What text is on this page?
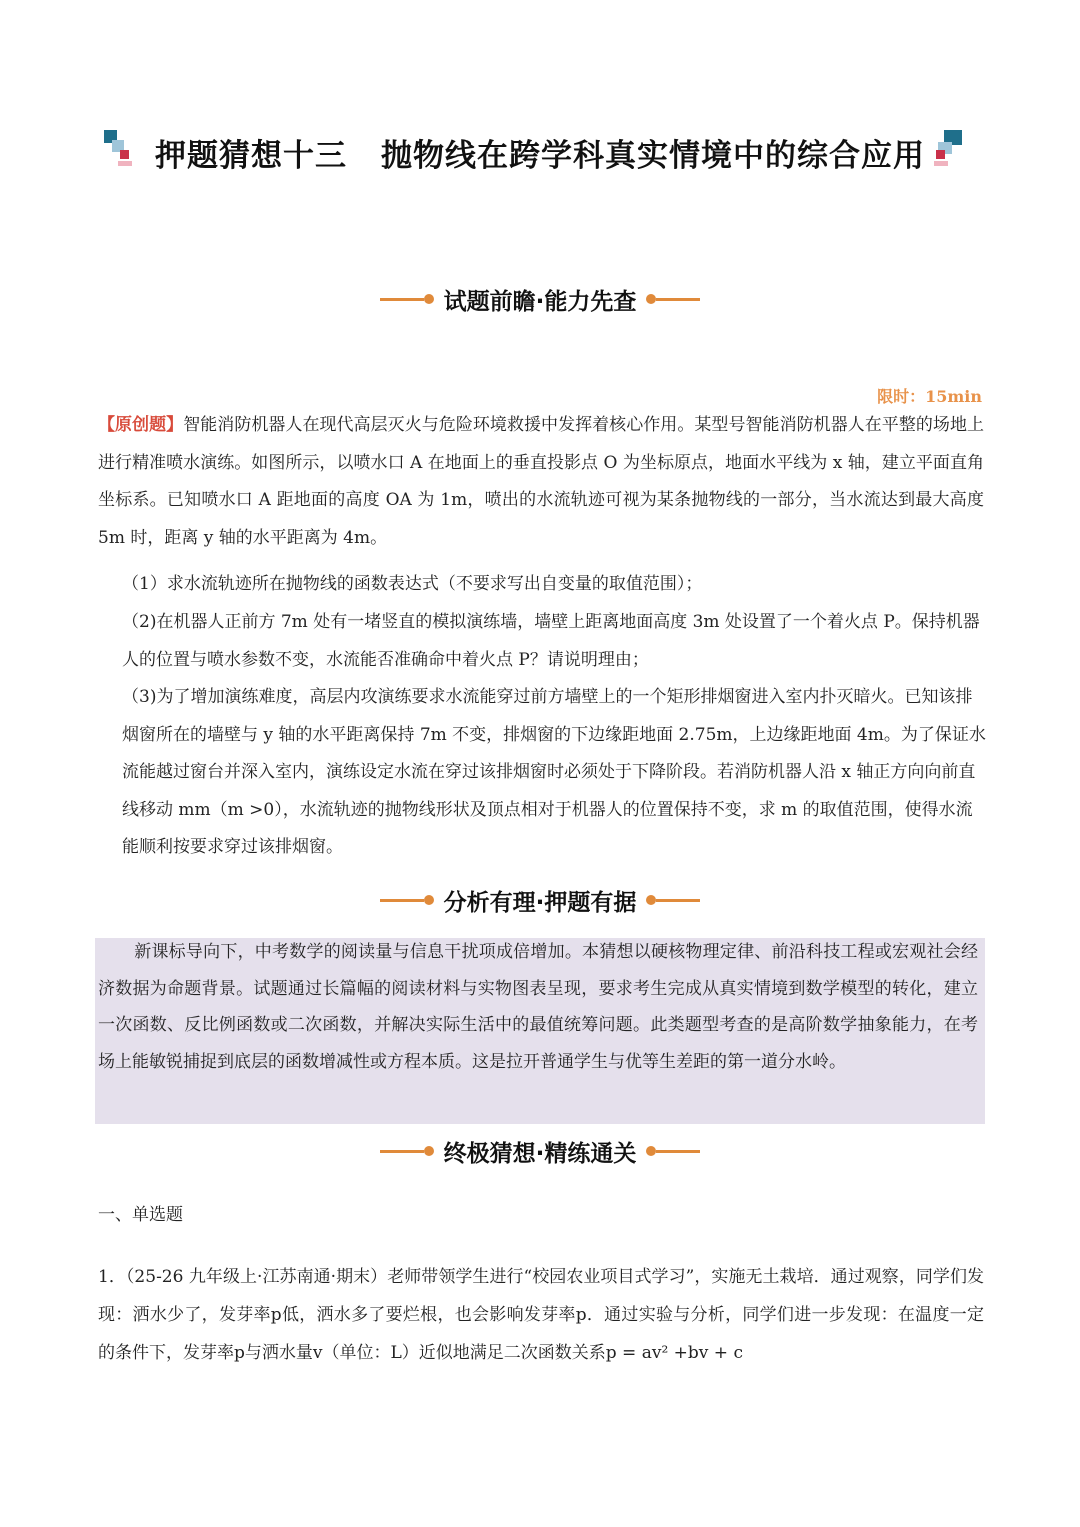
押题猜想十三 抛物线在跨学科真实情境中的综合应用
试题前瞻·能力先查
限时：15min

【原创题】智能消防机器人在现代高层灭火与危险环境救援中发挥着核心作用。某型号智能消防机器人在平整的场地上进行精准喷水演练。如图所示，以喷水口 A 在地面上的垂直投影点 O 为坐标原点，地面水平线为 x 轴，建立平面直角坐标系。已知喷水口 A 距地面的高度 OA 为 1m，喷出的水流轨迹可视为某条抛物线的一部分，当水流达到最大高度 5m 时，距离 y 轴的水平距离为 4m。

（1）求水流轨迹所在抛物线的函数表达式（不要求写出自变量的取值范围）；

（2)在机器人正前方 7m 处有一堵竖直的模拟演练墙，墙壁上距离地面高度 3m 处设置了一个着火点 P。保持机器人的位置与喷水参数不变，水流能否准确命中着火点 P？请说明理由；

（3)为了增加演练难度，高层内攻演练要求水流能穿过前方墙壁上的一个矩形排烟窗进入室内扑灭暗火。已知该排烟窗所在的墙壁与 y 轴的水平距离保持 7m 不变，排烟窗的下边缘距地面 2.75m，上边缘距地面 4m。为了保证水流能越过窗台并深入室内，演练设定水流在穿过该排烟窗时必须处于下降阶段。若消防机器人沿 x 轴正方向向前直线移动 mm（m >0），水流轨迹的抛物线形状及顶点相对于机器人的位置保持不变，求 m 的取值范围，使得水流能顺利按要求穿过该排烟窗。

分析有理·押题有据

新课标导向下，中考数学的阅读量与信息干扰项成倍增加。本猜想以硬核物理定律、前沿科技工程或宏观社会经济数据为命题背景。试题通过长篇幅的阅读材料与实物图表呈现，要求考生完成从真实情境到数学模型的转化，建立一次函数、反比例函数或二次函数，并解决实际生活中的最值统筹问题。此类题型考查的是高阶数学抽象能力，在考场上能敏锐捕捉到底层的函数增减性或方程本质。这是拉开普通学生与优等生差距的第一道分水岭。

终极猜想·精练通关
一、单选题

1．（25-26 九年级上·江苏南通·期末）老师带领学生进行“校园农业项目式学习”，实施无土栽培．通过观察，同学们发现：洒水少了，发芽率p低，洒水多了要烂根，也会影响发芽率p．通过实验与分析，同学们进一步发现：在温度一定的条件下，发芽率p与洒水量v（单位：L）近似地满足二次函数关系p = av² +bv + c
